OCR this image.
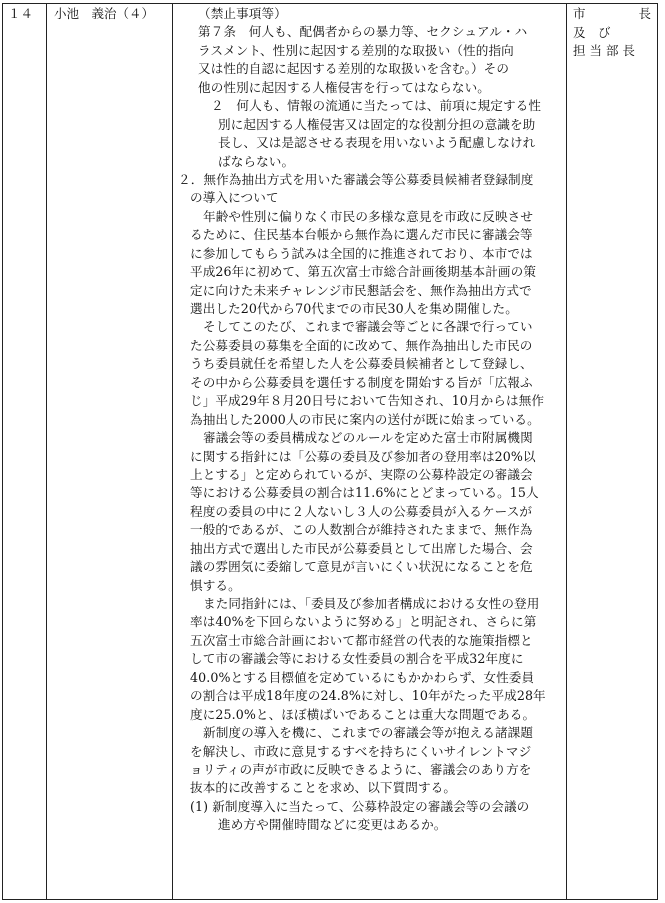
１４ 小池　義治（４）	（禁止事項等）
第７条　何人も、配偶者からの暴力等、セクシュアル・ハ
ラスメント、性別に起因する差別的な取扱い（性的指向
又は性的自認に起因する差別的な取扱いを含む。）その
他の性別に起因する人権侵害を行ってはならない。
２　何人も、情報の流通に当たっては、前項に規定する性
別に起因する人権侵害又は固定的な役割分担の意識を助
長し、又は是認させる表現を用いないよう配慮しなけれ
ばならない。
２．無作為抽出方式を用いた審議会等公募委員候補者登録制度
の導入について
年齢や性別に偏りなく市民の多様な意見を市政に反映させ
るために、住民基本台帳から無作為に選んだ市民に審議会等
に参加してもらう試みは全国的に推進されており、本市では
平成26年に初めて、第五次富士市総合計画後期基本計画の策
定に向けた未来チャレンジ市民懇話会を、無作為抽出方式で
選出した20代から70代までの市民30人を集め開催した。
そしてこのたび、これまで審議会等ごとに各課で行ってい
た公募委員の募集を全面的に改めて、無作為抽出した市民の
うち委員就任を希望した人を公募委員候補者として登録し、
その中から公募委員を選任する制度を開始する旨が「広報ふ
じ」平成29年８月20日号において告知され、10月からは無作
為抽出した2000人の市民に案内の送付が既に始まっている。
審議会等の委員構成などのルールを定めた富士市附属機関
に関する指針には「公募の委員及び参加者の登用率は20%以
上とする」と定められているが、実際の公募枠設定の審議会
等における公募委員の割合は11.6%にとどまっている。15人
程度の委員の中に２人ないし３人の公募委員が入るケースが
一般的であるが、この人数割合が維持されたままで、無作為
抽出方式で選出した市民が公募委員として出席した場合、会
議の雰囲気に委縮して意見が言いにくい状況になることを危
惧する。
また同指針には、「委員及び参加者構成における女性の登用
率は40%を下回らないように努める」と明記され、さらに第
五次富士市総合計画において都市経営の代表的な施策指標と
して市の審議会等における女性委員の割合を平成32年度に
40.0%とする目標値を定めているにもかかわらず、女性委員
の割合は平成18年度の24.8%に対し、10年がたった平成28年
度に25.0%と、ほぼ横ばいであることは重大な問題である。
新制度の導入を機に、これまでの審議会等が抱える諸課題
を解決し、市政に意見するすべを持ちにくいサイレントマジ
ョリティの声が市政に反映できるように、審議会のあり方を
抜本的に改善することを求め、以下質問する。
(1) 新制度導入に当たって、公募枠設定の審議会等の会議の
進め方や開催時間などに変更はあるか。
市	長
及　び
担 当 部 長
